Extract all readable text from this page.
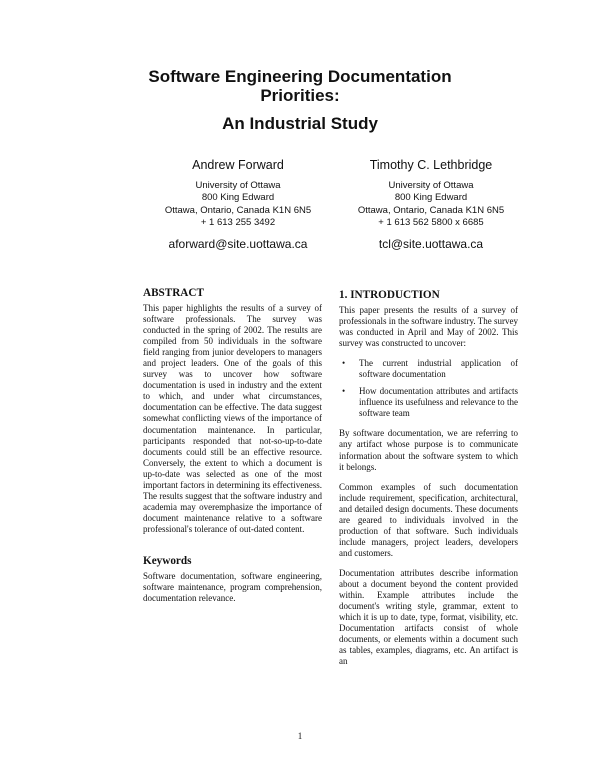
Software Engineering Documentation
Priorities:
An Industrial Study
Andrew Forward
University of Ottawa
800 King Edward
Ottawa, Ontario, Canada K1N 6N5
+ 1 613 255 3492
aforward@site.uottawa.ca
Timothy C. Lethbridge
University of Ottawa
800 King Edward
Ottawa, Ontario, Canada K1N 6N5
+ 1 613 562 5800 x 6685
tcl@site.uottawa.ca
ABSTRACT

This paper highlights the results of a survey of software professionals. The survey was conducted in the spring of 2002. The results are compiled from 50 individuals in the software field ranging from junior developers to managers and project leaders. One of the goals of this survey was to uncover how software documentation is used in industry and the extent to which, and under what circumstances, documentation can be effective. The data suggest somewhat conflicting views of the importance of documentation maintenance. In particular, participants responded that not-so-up-to-date documents could still be an effective resource. Conversely, the extent to which a document is up-to-date was selected as one of the most important factors in determining its effectiveness. The results suggest that the software industry and academia may overemphasize the importance of document maintenance relative to a software professional's tolerance of out-dated content.

Keywords

Software documentation, software engineering, software maintenance, program comprehension, documentation relevance.

1. INTRODUCTION

This paper presents the results of a survey of professionals in the software industry. The survey was conducted in April and May of 2002. This survey was constructed to uncover:

• The current industrial application of software documentation
• How documentation attributes and artifacts influence its usefulness and relevance to the software team

By software documentation, we are referring to any artifact whose purpose is to communicate information about the software system to which it belongs.

Common examples of such documentation include requirement, specification, architectural, and detailed design documents. These documents are geared to individuals involved in the production of that software. Such individuals include managers, project leaders, developers and customers.

Documentation attributes describe information about a document beyond the content provided within. Example attributes include the document's writing style, grammar, extent to which it is up to date, type, format, visibility, etc. Documentation artifacts consist of whole documents, or elements within a document such as tables, examples, diagrams, etc. An artifact is an

1
